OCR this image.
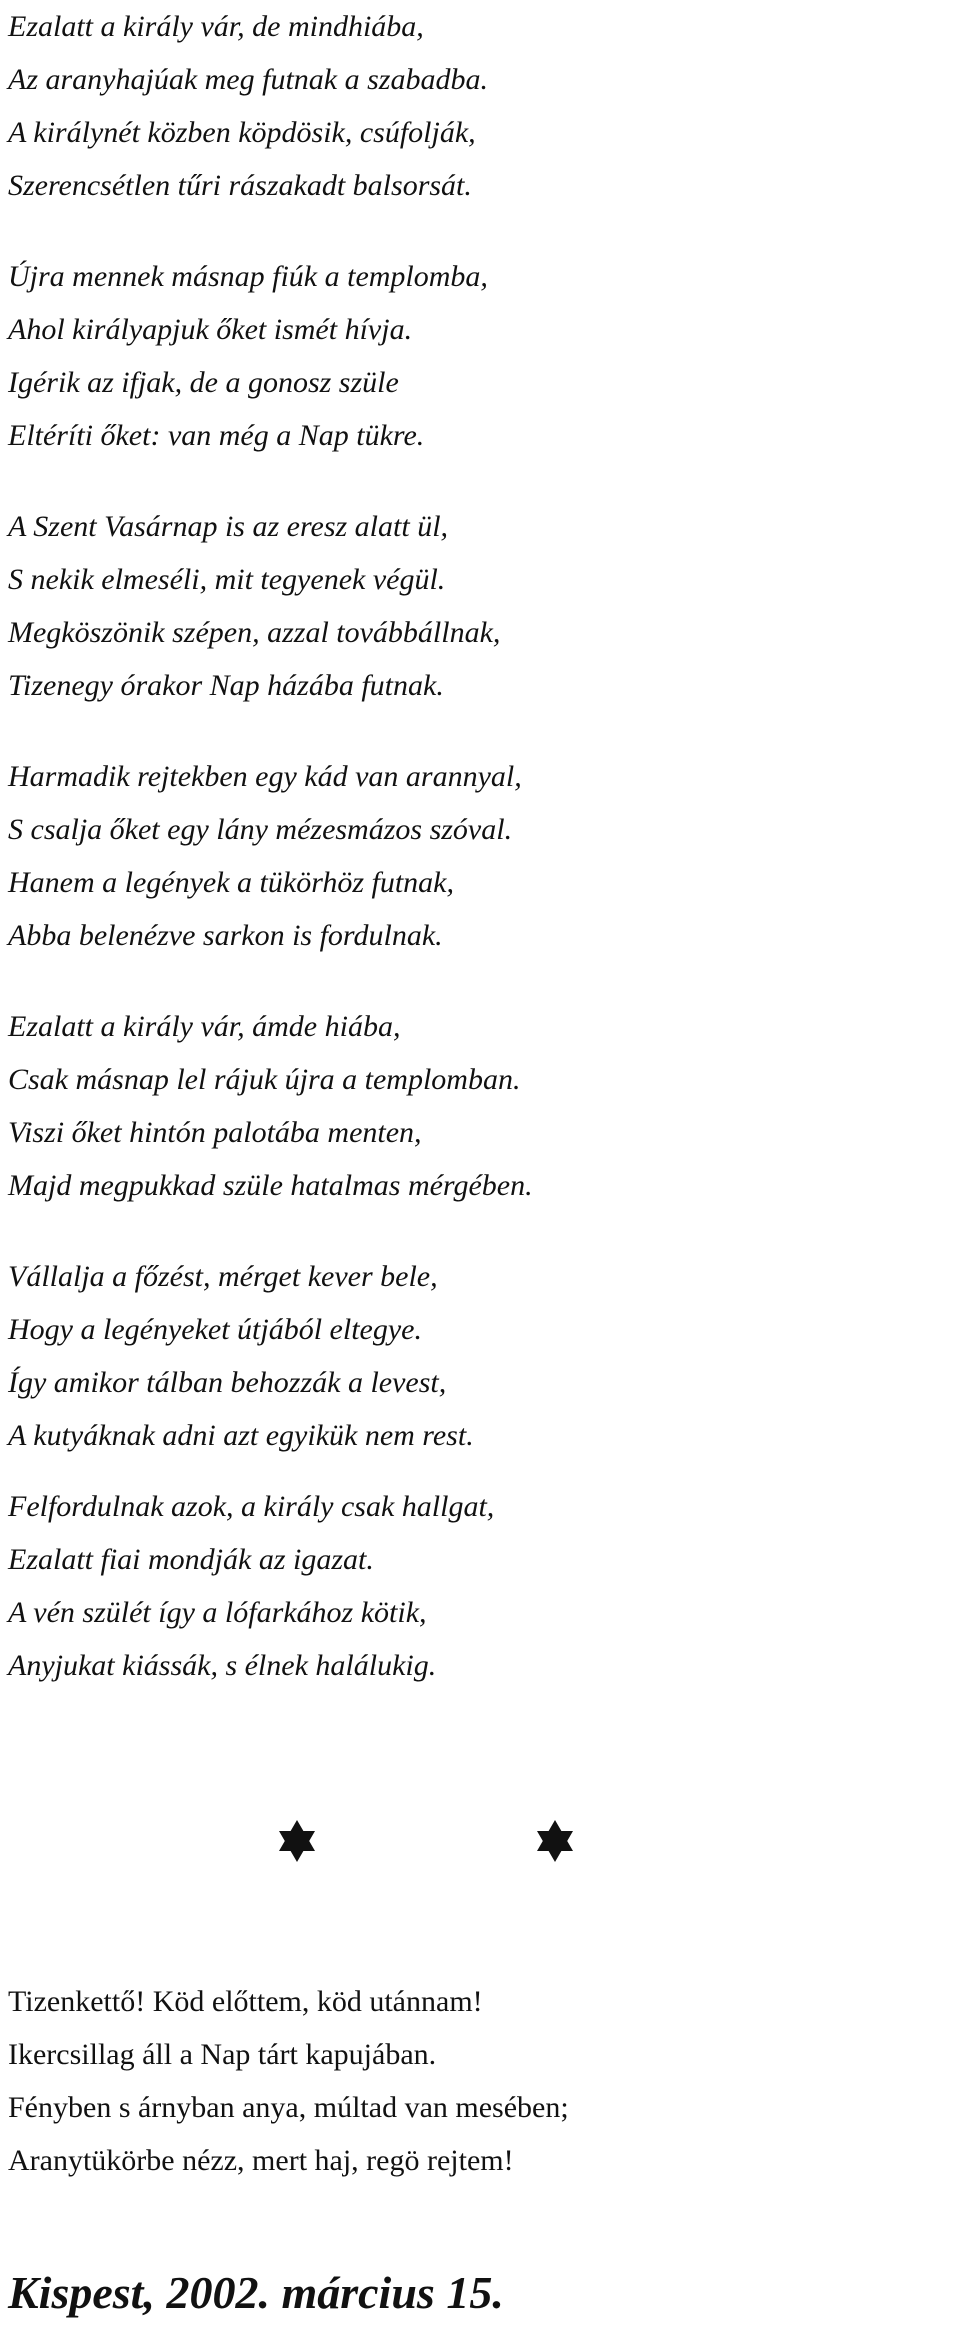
Ezalatt a király vár, de mindhiába,
Az aranyhajúak meg futnak a szabadba.
A királynét közben köpdösik, csúfolják,
Szerencsétlen tűri rászakadt balsorsát.
Újra mennek másnap fiúk a templomba,
Ahol királyapjuk őket ismét hívja.
Igérik az ifjak, de a gonosz szüle
Eltéríti őket: van még a Nap tükre.
A Szent Vasárnap is az eresz alatt ül,
S nekik elmeséli, mit tegyenek végül.
Megköszönik szépen, azzal továbbállnak,
Tizenegy órakor Nap házába futnak.
Harmadik rejtekben egy kád van arannyal,
S csalja őket egy lány mézesmázos szóval.
Hanem a legények a tükörhöz futnak,
Abba belenézve sarkon is fordulnak.
Ezalatt a király vár, ámde hiába,
Csak másnap lel rájuk újra a templomban.
Viszi őket hintón palotába menten,
Majd megpukkad szüle hatalmas mérgében.
Vállalja a főzést, mérget kever bele,
Hogy a legényeket útjából eltegye.
Így amikor tálban behozzák a levest,
A kutyáknak adni azt egyikük nem rest.
Felfordulnak azok, a király csak hallgat,
Ezalatt fiai mondják az igazat.
A vén szülét így a lófarkához kötik,
Anyjukat kiássák, s élnek halálukig.
Tizenkettő! Köd előttem, köd utánnam!
Ikercsillag áll a Nap tárt kapujában.
Fényben s árnyban anya, múltad van mesében;
Aranytükörbe nézz, mert haj, regö rejtem!
Kispest, 2002. március 15.
